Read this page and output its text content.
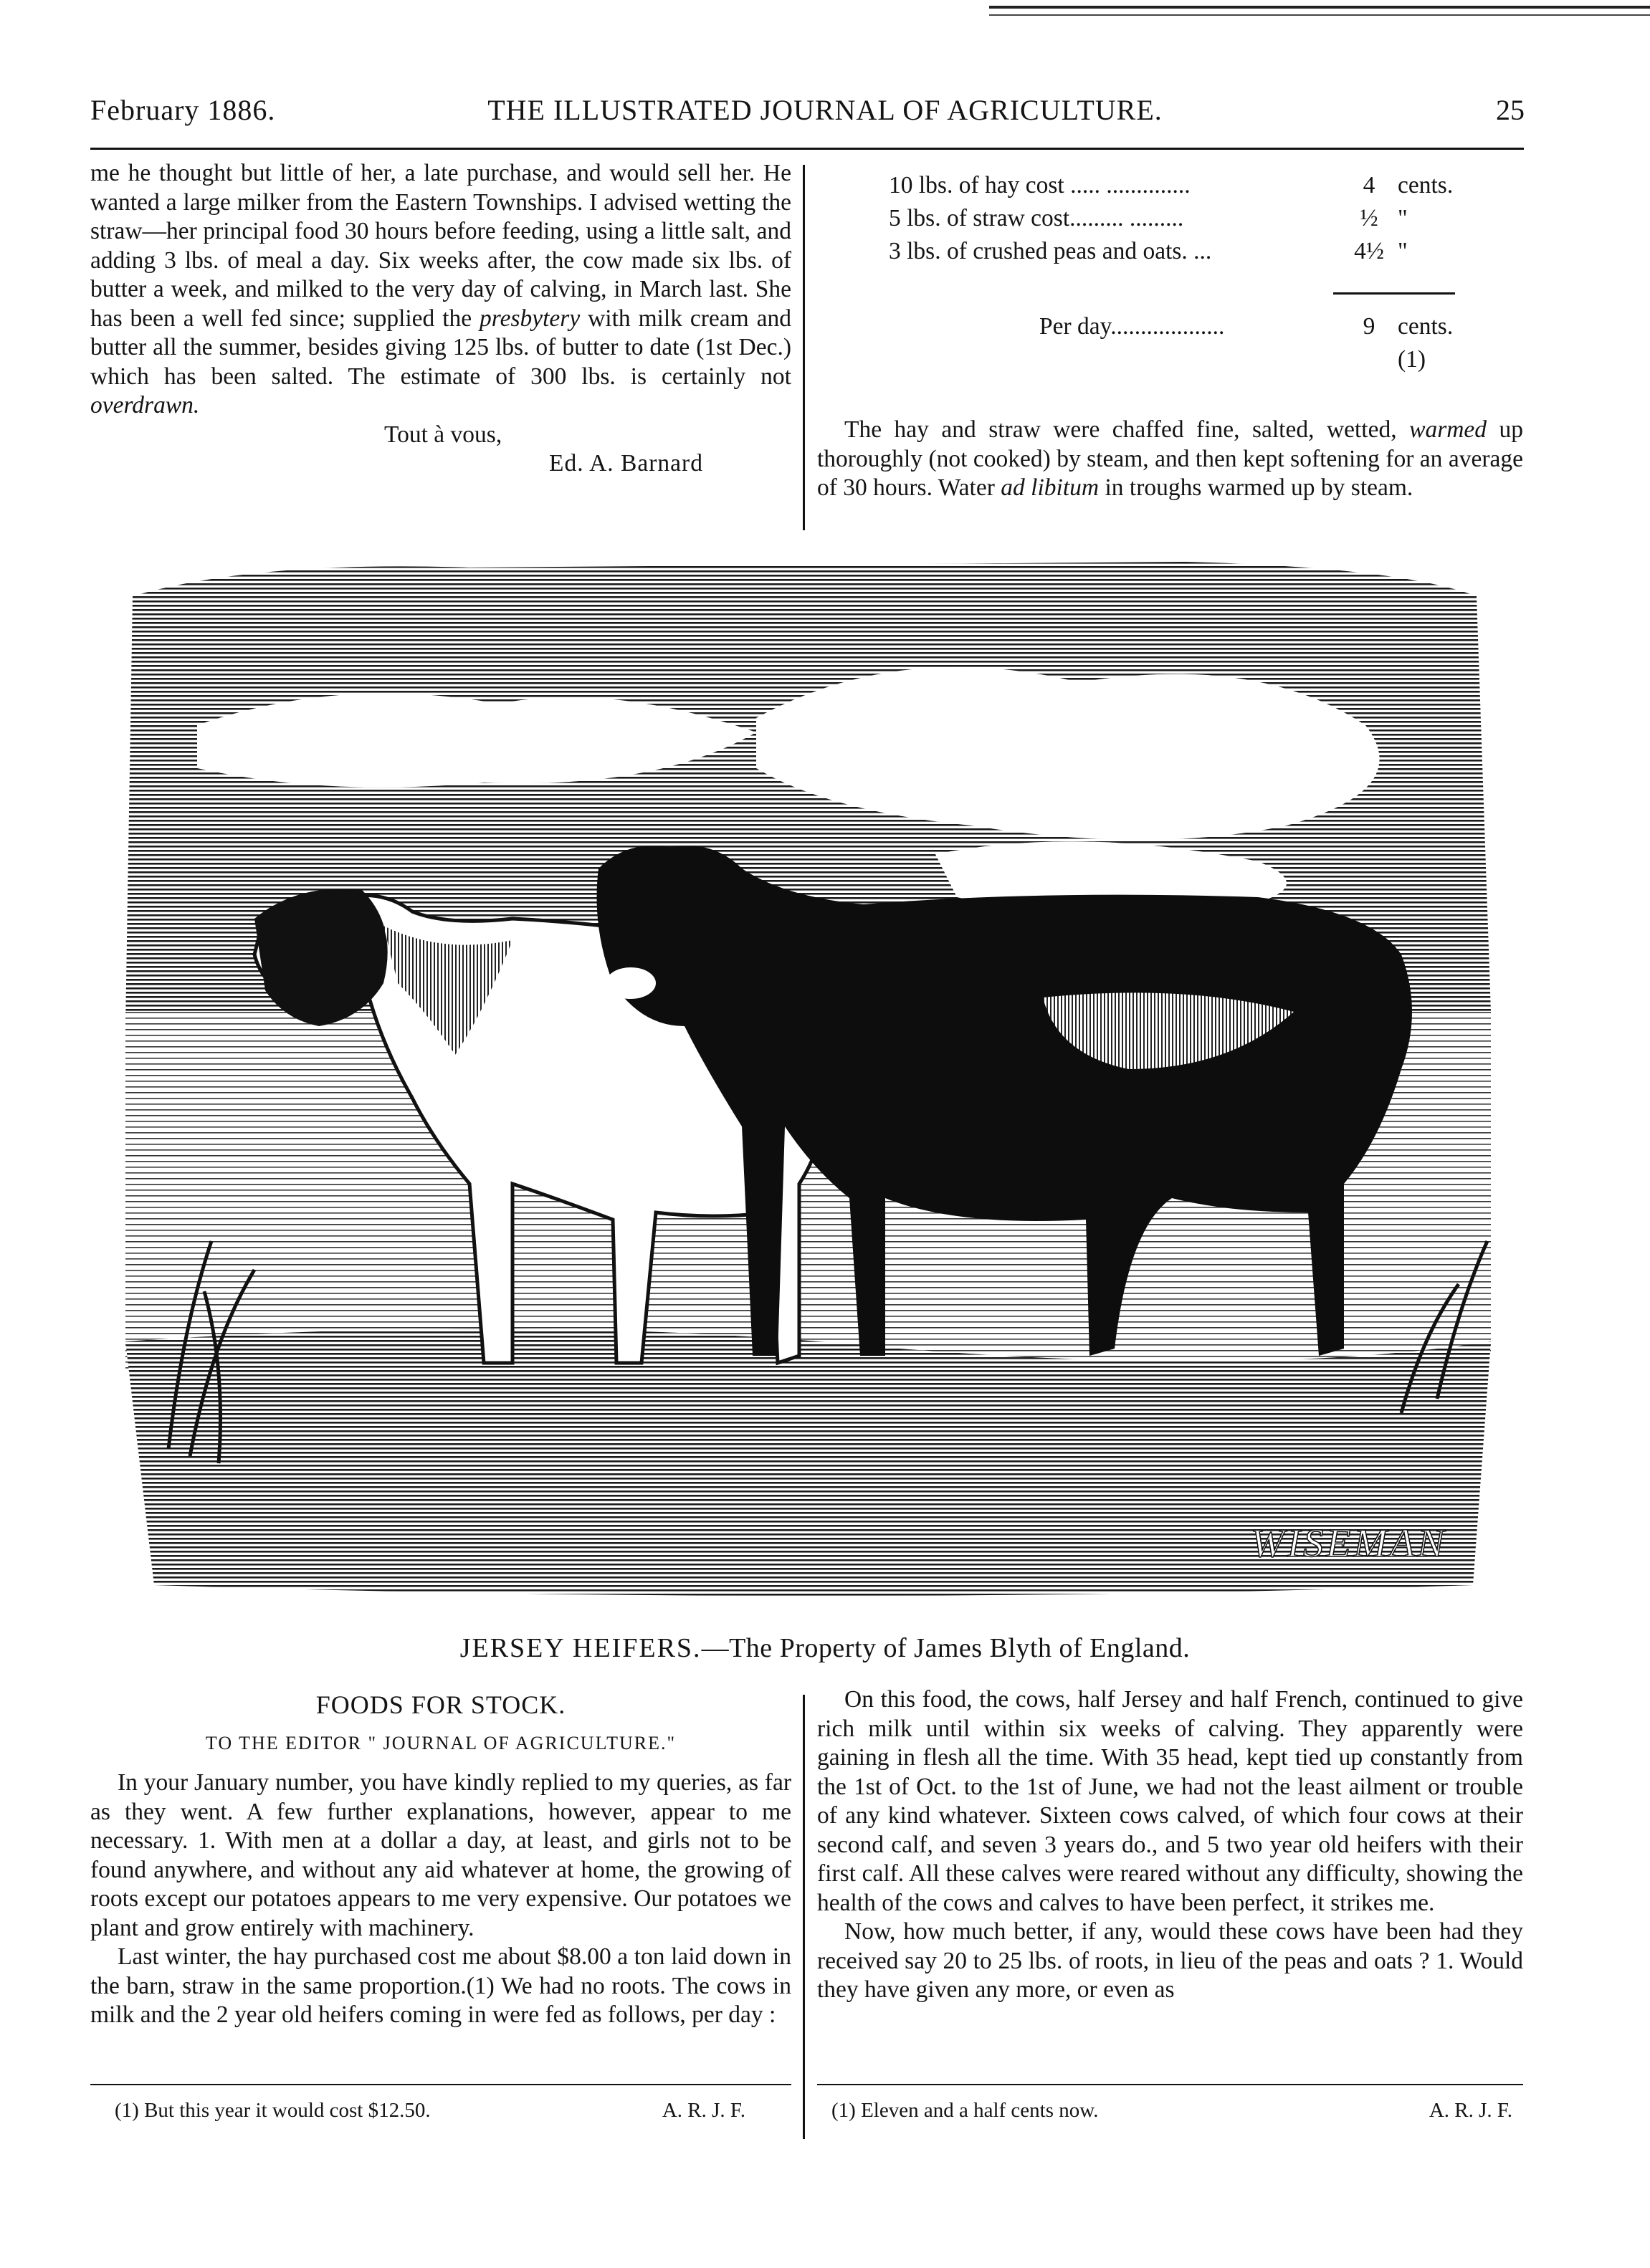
February 1886.	THE ILLUSTRATED JOURNAL OF AGRICULTURE.	25

me he thought but little of her, a late purchase, and would sell her. He wanted a large milker from the Eastern Townships. I advised wetting the straw—her principal food 30 hours before feeding, using a little salt, and adding 3 lbs. of meal a day. Six weeks after, the cow made six lbs. of butter a week, and milked to the very day of calving, in March last. She has been a well fed since; supplied the presbytery with milk cream and butter all the summer, besides giving 125 lbs. of butter to date (1st Dec.) which has been salted. The estimate of 300 lbs. is certainly not overdrawn.

Tout à vous,

Ed. A. Barnard

10 lbs. of hay cost ..... ..............	4 cents.
5 lbs. of straw cost......... .........	½ "
3 lbs. of crushed peas and oats. ...	4½ "
Per day...................	9 cents. (1)

The hay and straw were chaffed fine, salted, wetted, warmed up thoroughly (not cooked) by steam, and then kept softening for an average of 30 hours. Water ad libitum in troughs warmed up by steam.

WISEMAN
JERSEY HEIFERS.—The Property of James Blyth of England.
FOODS FOR STOCK.
TO THE EDITOR " JOURNAL OF AGRICULTURE."

In your January number, you have kindly replied to my queries, as far as they went. A few further explanations, however, appear to me necessary. 1. With men at a dollar a day, at least, and girls not to be found anywhere, and without any aid whatever at home, the growing of roots except our potatoes appears to me very expensive. Our potatoes we plant and grow entirely with machinery.

Last winter, the hay purchased cost me about $8.00 a ton laid down in the barn, straw in the same proportion.(1) We had no roots. The cows in milk and the 2 year old heifers coming in were fed as follows, per day :

On this food, the cows, half Jersey and half French, continued to give rich milk until within six weeks of calving. They apparently were gaining in flesh all the time. With 35 head, kept tied up constantly from the 1st of Oct. to the 1st of June, we had not the least ailment or trouble of any kind whatever. Sixteen cows calved, of which four cows at their second calf, and seven 3 years do., and 5 two year old heifers with their first calf. All these calves were reared without any difficulty, showing the health of the cows and calves to have been perfect, it strikes me.

Now, how much better, if any, would these cows have been had they received say 20 to 25 lbs. of roots, in lieu of the peas and oats ? 1. Would they have given any more, or even as

(1) But this year it would cost $12.50.	A. R. J. F.	(1) Eleven and a half cents now.	A. R. J. F.
